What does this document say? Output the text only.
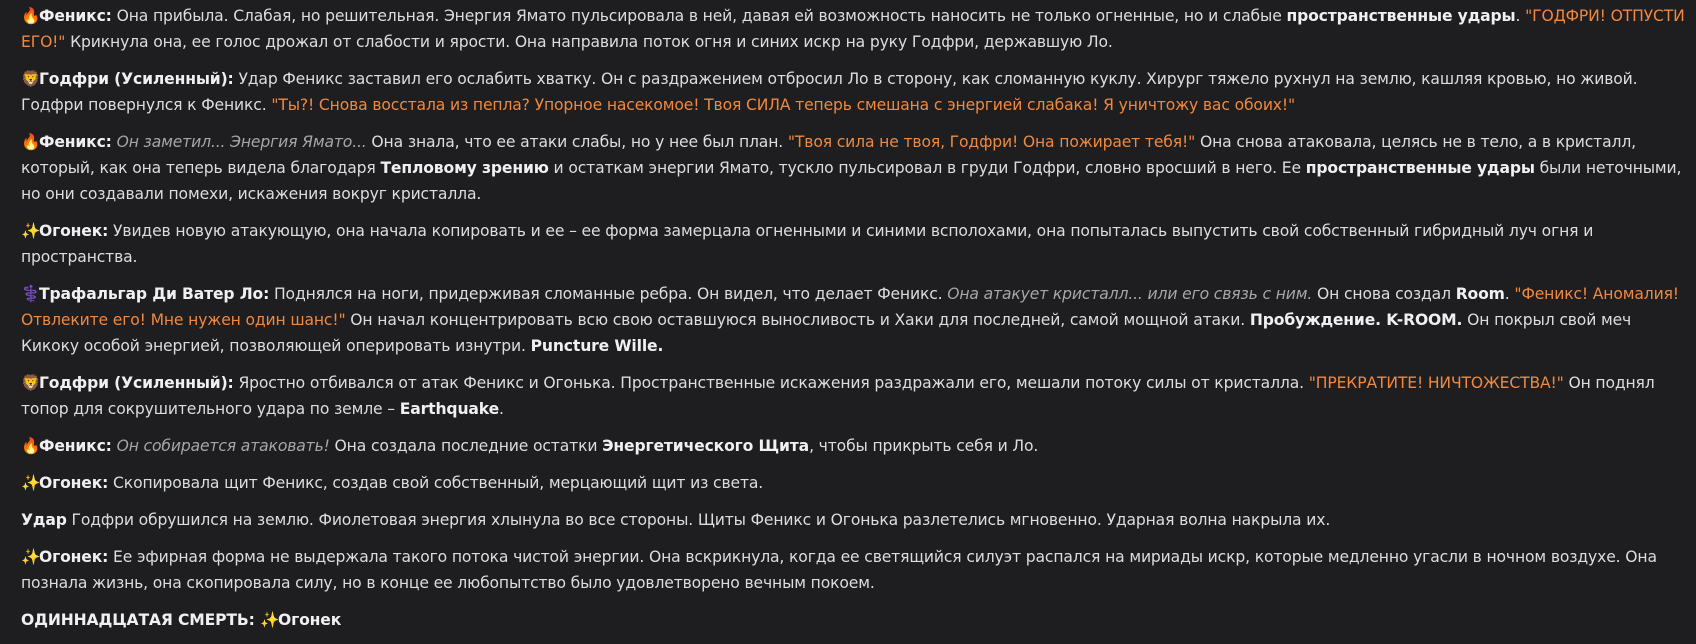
🔥Феникс: Она прибыла. Слабая, но решительная. Энергия Ямато пульсировала в ней, давая ей возможность наносить не только огненные, но и слабые пространственные удары. "ГОДФРИ! ОТПУСТИ ЕГО!" Крикнула она, ее голос дрожал от слабости и ярости. Она направила поток огня и синих искр на руку Годфри, державшую Ло.

🦁Годфри (Усиленный): Удар Феникс заставил его ослабить хватку. Он с раздражением отбросил Ло в сторону, как сломанную куклу. Хирург тяжело рухнул на землю, кашляя кровью, но живой. Годфри повернулся к Феникс. "Ты?! Снова восстала из пепла? Упорное насекомое! Твоя СИЛА теперь смешана с энергией слабака! Я уничтожу вас обоих!"

🔥Феникс: Он заметил... Энергия Ямато... Она знала, что ее атаки слабы, но у нее был план. "Твоя сила не твоя, Годфри! Она пожирает тебя!" Она снова атаковала, целясь не в тело, а в кристалл, который, как она теперь видела благодаря Тепловому зрению и остаткам энергии Ямато, тускло пульсировал в груди Годфри, словно вросший в него. Ее пространственные удары были неточными, но они создавали помехи, искажения вокруг кристалла.

✨Огонек: Увидев новую атакующую, она начала копировать и ее – ее форма замерцала огненными и синими всполохами, она попыталась выпустить свой собственный гибридный луч огня и пространства.

⚕️Трафальгар Ди Ватер Ло: Поднялся на ноги, придерживая сломанные ребра. Он видел, что делает Феникс. Она атакует кристалл... или его связь с ним. Он снова создал Room. "Феникс! Аномалия! Отвлеките его! Мне нужен один шанс!" Он начал концентрировать всю свою оставшуюся выносливость и Хаки для последней, самой мощной атаки. Пробуждение. K-ROOM. Он покрыл свой меч Кикоку особой энергией, позволяющей оперировать изнутри. Puncture Wille.

🦁Годфри (Усиленный): Яростно отбивался от атак Феникс и Огонька. Пространственные искажения раздражали его, мешали потоку силы от кристалла. "ПРЕКРАТИТЕ! НИЧТОЖЕСТВА!" Он поднял топор для сокрушительного удара по земле – Earthquake.

🔥Феникс: Он собирается атаковать! Она создала последние остатки Энергетического Щита, чтобы прикрыть себя и Ло.

✨Огонек: Скопировала щит Феникс, создав свой собственный, мерцающий щит из света.

Удар Годфри обрушился на землю. Фиолетовая энергия хлынула во все стороны. Щиты Феникс и Огонька разлетелись мгновенно. Ударная волна накрыла их.

✨Огонек: Ее эфирная форма не выдержала такого потока чистой энергии. Она вскрикнула, когда ее светящийся силуэт распался на мириады искр, которые медленно угасли в ночном воздухе. Она познала жизнь, она скопировала силу, но в конце ее любопытство было удовлетворено вечным покоем.

ОДИННАДЦАТАЯ СМЕРТЬ: ✨Огонек
